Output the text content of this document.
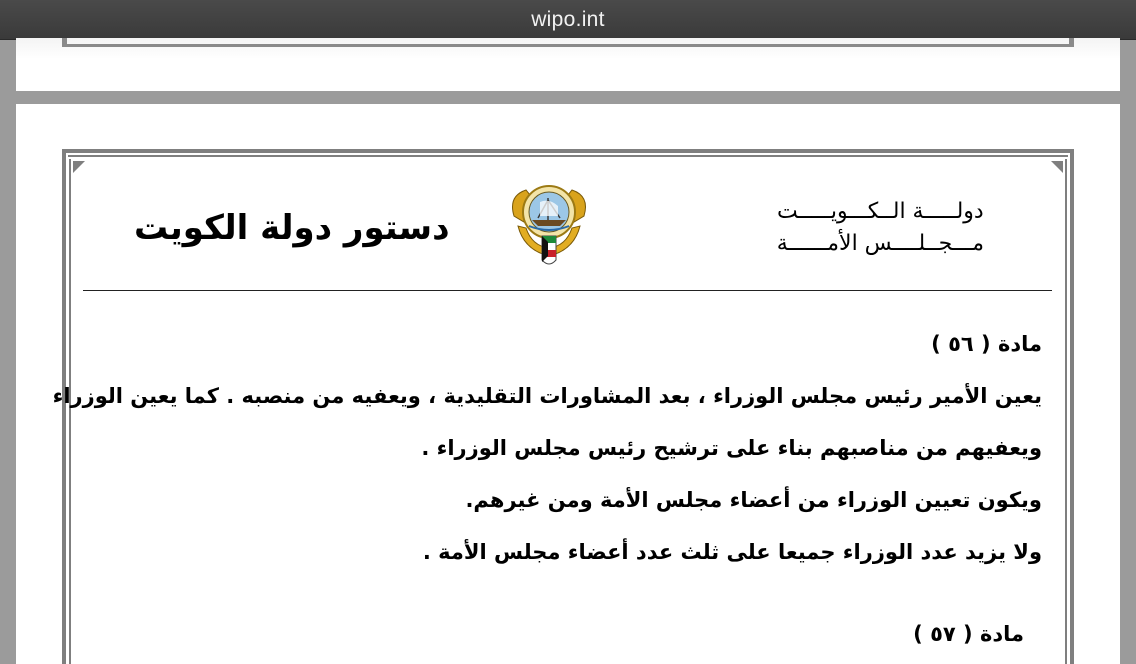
wipo.int
دستور دولة الكويت	دولـــــة الــكـــويـــــت
مـــجــلــــس الأمــــــة
مادة ( ٥٦ )
يعين الأمير رئيس مجلس الوزراء ، بعد المشاورات التقليدية ، ويعفيه من منصبه . كما يعين الوزراء
ويعفيهم من مناصبهم بناء على ترشيح رئيس مجلس الوزراء .
ويكون تعيين الوزراء من أعضاء مجلس الأمة ومن غيرهم.
ولا يزيد عدد الوزراء جميعا على ثلث عدد أعضاء مجلس الأمة .
مادة ( ٥٧ )
